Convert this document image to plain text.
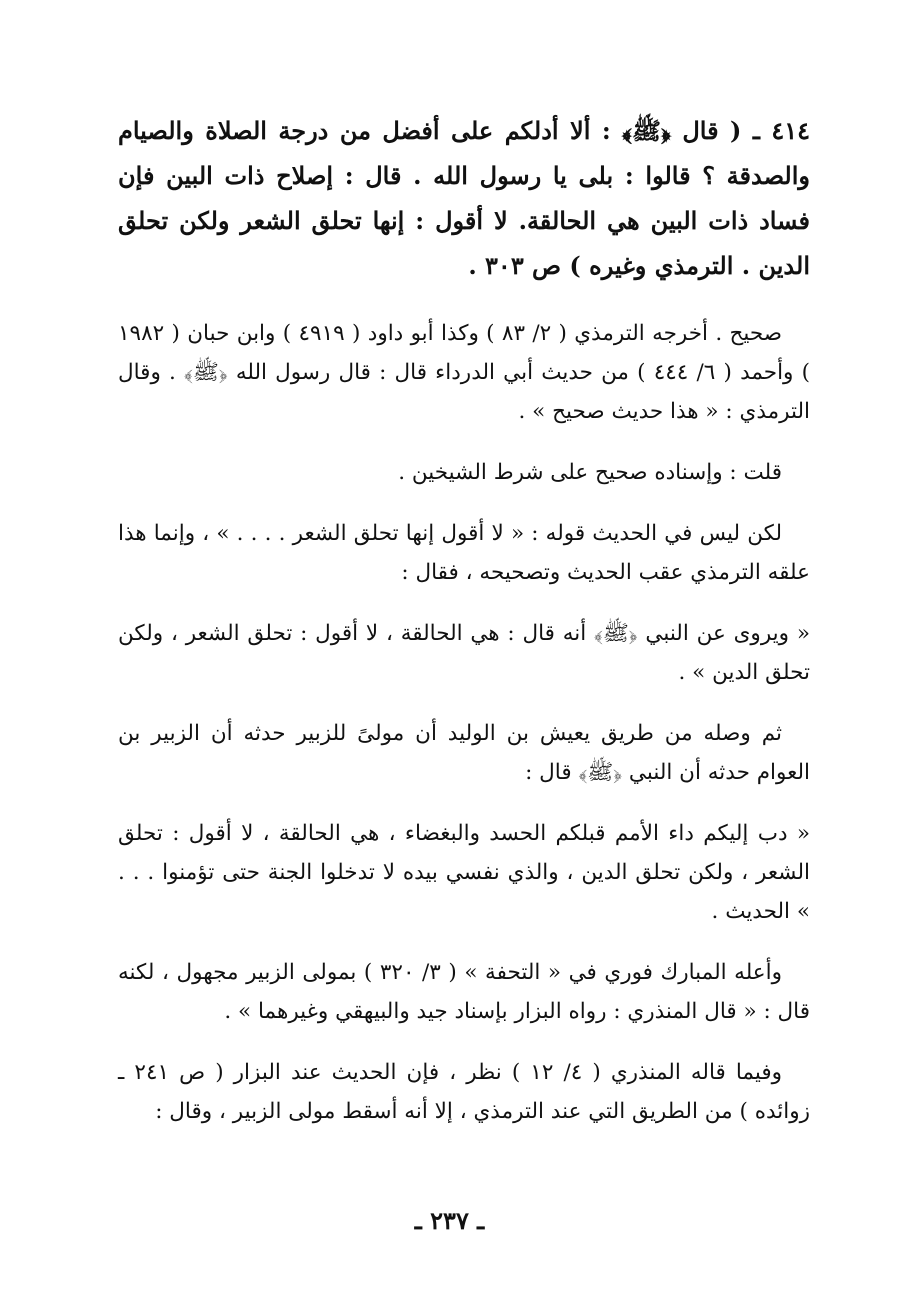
٤١٤ ـ ( قال ﴿ﷺ﴾ : ألا أدلكم على أفضل من درجة الصلاة والصيام والصدقة ؟ قالوا : بلى يا رسول الله . قال : إصلاح ذات البين فإن فساد ذات البين هي الحالقة. لا أقول : إنها تحلق الشعر ولكن تحلق الدين . الترمذي وغيره ) ص ٣٠٣ .

صحيح . أخرجه الترمذي ( ٢/ ٨٣ ) وكذا أبو داود ( ٤٩١٩ ) وابن حبان ( ١٩٨٢ ) وأحمد ( ٦/ ٤٤٤ ) من حديث أبي الدرداء قال : قال رسول الله ﴿ﷺ﴾ . وقال الترمذي : « هذا حديث صحيح » .

قلت : وإسناده صحيح على شرط الشيخين .

لكن ليس في الحديث قوله : « لا أقول إنها تحلق الشعر . . . . » ، وإنما هذا علقه الترمذي عقب الحديث وتصحيحه ، فقال :

« ويروى عن النبي ﴿ﷺ﴾ أنه قال : هي الحالقة ، لا أقول : تحلق الشعر ، ولكن تحلق الدين » .

ثم وصله من طريق يعيش بن الوليد أن مولىً للزبير حدثه أن الزبير بن العوام حدثه أن النبي ﴿ﷺ﴾ قال :

« دب إليكم داء الأمم قبلكم الحسد والبغضاء ، هي الحالقة ، لا أقول : تحلق الشعر ، ولكن تحلق الدين ، والذي نفسي بيده لا تدخلوا الجنة حتى تؤمنوا . . . » الحديث .

وأعله المبارك فوري في « التحفة » ( ٣/ ٣٢٠ ) بمولى الزبير مجهول ، لكنه قال : « قال المنذري : رواه البزار بإسناد جيد والبيهقي وغيرهما » .

وفيما قاله المنذري ( ٤/ ١٢ ) نظر ، فإن الحديث عند البزار ( ص ٢٤١ ـ زوائده ) من الطريق التي عند الترمذي ، إلا أنه أسقط مولى الزبير ، وقال :

ـ ٢٣٧ ـ
